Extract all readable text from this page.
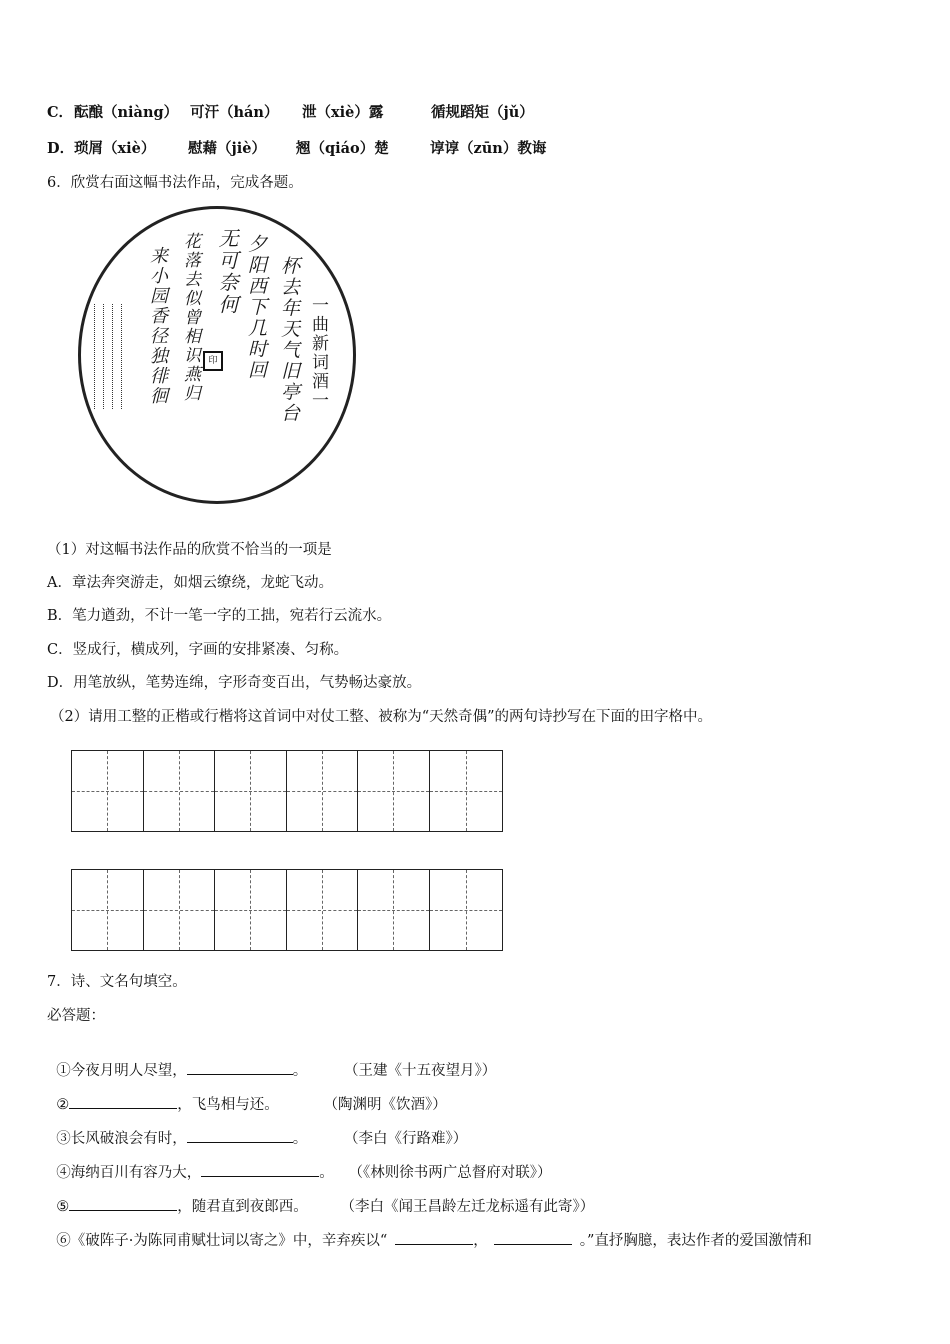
C． 酝酿（niàng） 可汗（hán） 泄（xiè）露	循规蹈矩（jǔ）
D． 琐屑（xiè） 慰藉（jiè） 翘（qiáo）楚	谆谆（zūn）教诲
6．欣赏右面这幅书法作品，完成各题。
一曲新词酒一
杯去年天气旧亭台
夕阳西下几时回
无可奈何
花落去似曾相识燕归
来小园香径独徘徊	印
（1）对这幅书法作品的欣赏不恰当的一项是
A．章法奔突游走，如烟云缭绕，龙蛇飞动。
B．笔力遒劲，不计一笔一字的工拙，宛若行云流水。
C．竖成行，横成列，字画的安排紧凑、匀称。
D．用笔放纵，笔势连绵，字形奇变百出，气势畅达豪放。
（2）请用工整的正楷或行楷将这首词中对仗工整、被称为“天然奇偶”的两句诗抄写在下面的田字格中。
7．诗、文名句填空。
必答题：

①今夜月明人尽望，	。	（王建《十五夜望月》）

②	，飞鸟相与还。	（陶渊明《饮酒》）

③长风破浪会有时，	。	（李白《行路难》）

④海纳百川有容乃大，	。 （《林则徐书两广总督府对联》）

⑤	，随君直到夜郎西。	（李白《闻王昌龄左迁龙标遥有此寄》）

⑥《破阵子·为陈同甫赋壮词以寄之》中，辛弃疾以“	，	。”直抒胸臆，表达作者的爱国激情和
